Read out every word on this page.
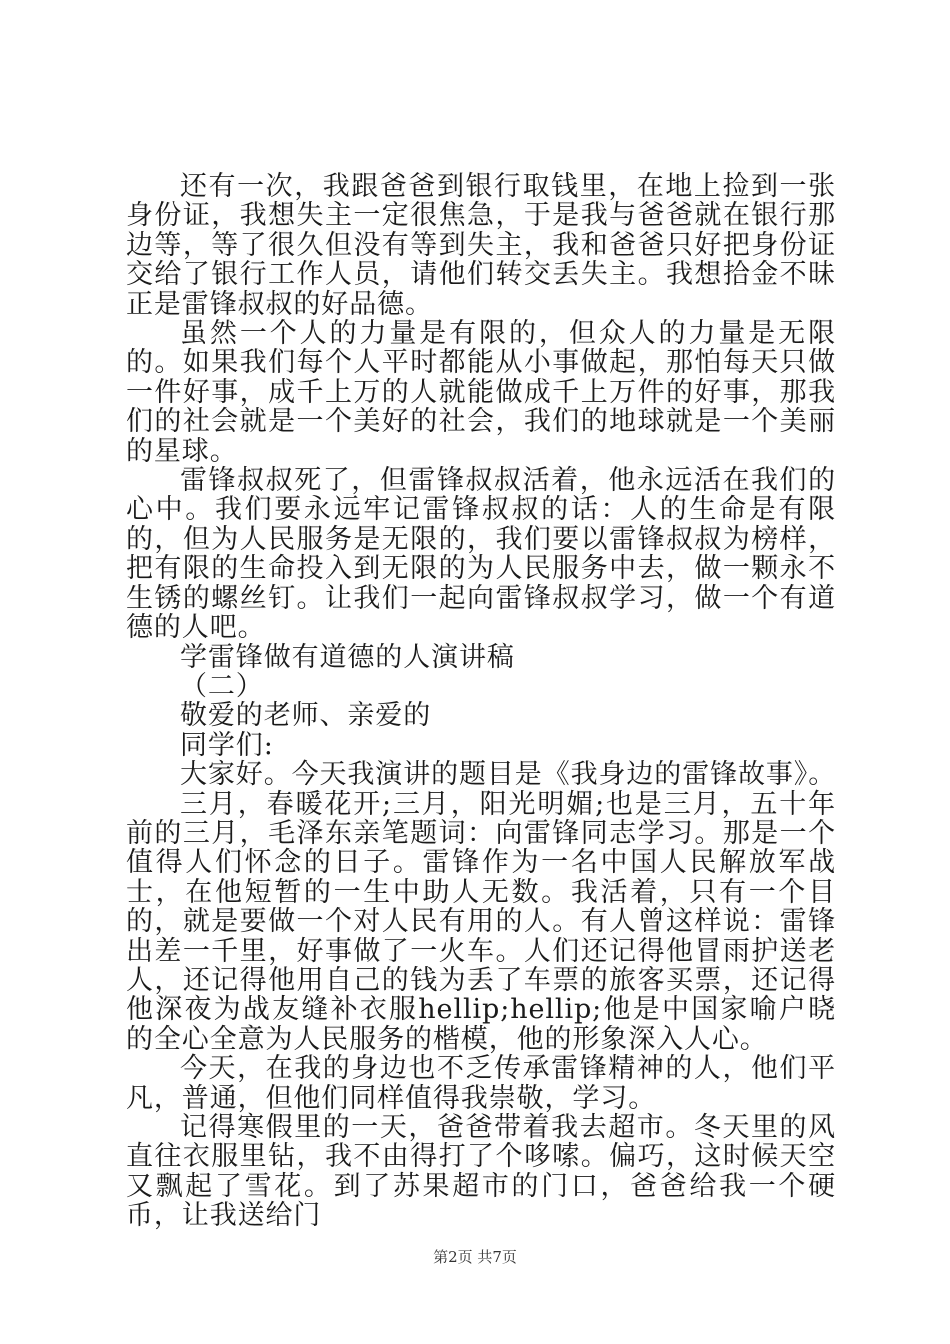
还有一次，我跟爸爸到银行取钱里，在地上捡到一张身份证，我想失主一定很焦急，于是我与爸爸就在银行那边等，等了很久但没有等到失主，我和爸爸只好把身份证交给了银行工作人员，请他们转交丢失主。我想拾金不昧正是雷锋叔叔的好品德。

虽然一个人的力量是有限的，但众人的力量是无限的。如果我们每个人平时都能从小事做起，那怕每天只做一件好事，成千上万的人就能做成千上万件的好事，那我们的社会就是一个美好的社会，我们的地球就是一个美丽的星球。

雷锋叔叔死了，但雷锋叔叔活着，他永远活在我们的心中。我们要永远牢记雷锋叔叔的话：人的生命是有限的，但为人民服务是无限的，我们要以雷锋叔叔为榜样，把有限的生命投入到无限的为人民服务中去，做一颗永不生锈的螺丝钉。让我们一起向雷锋叔叔学习，做一个有道德的人吧。

学雷锋做有道德的人演讲稿

（二）

敬爱的老师、亲爱的

同学们:

大家好。今天我演讲的题目是《我身边的雷锋故事》。

三月，春暖花开;三月，阳光明媚;也是三月，五十年前的三月，毛泽东亲笔题词：向雷锋同志学习。那是一个值得人们怀念的日子。雷锋作为一名中国人民解放军战士，在他短暂的一生中助人无数。我活着，只有一个目的，就是要做一个对人民有用的人。有人曾这样说：雷锋出差一千里，好事做了一火车。人们还记得他冒雨护送老人，还记得他用自己的钱为丢了车票的旅客买票，还记得他深夜为战友缝补衣服hellip;hellip;他是中国家喻户晓的全心全意为人民服务的楷模，他的形象深入人心。

今天，在我的身边也不乏传承雷锋精神的人，他们平凡，普通，但他们同样值得我崇敬，学习。

记得寒假里的一天，爸爸带着我去超市。冬天里的风直往衣服里钻，我不由得打了个哆嗦。偏巧，这时候天空又飘起了雪花。到了苏果超市的门口，爸爸给我一个硬币，让我送给门

第2页 共7页
